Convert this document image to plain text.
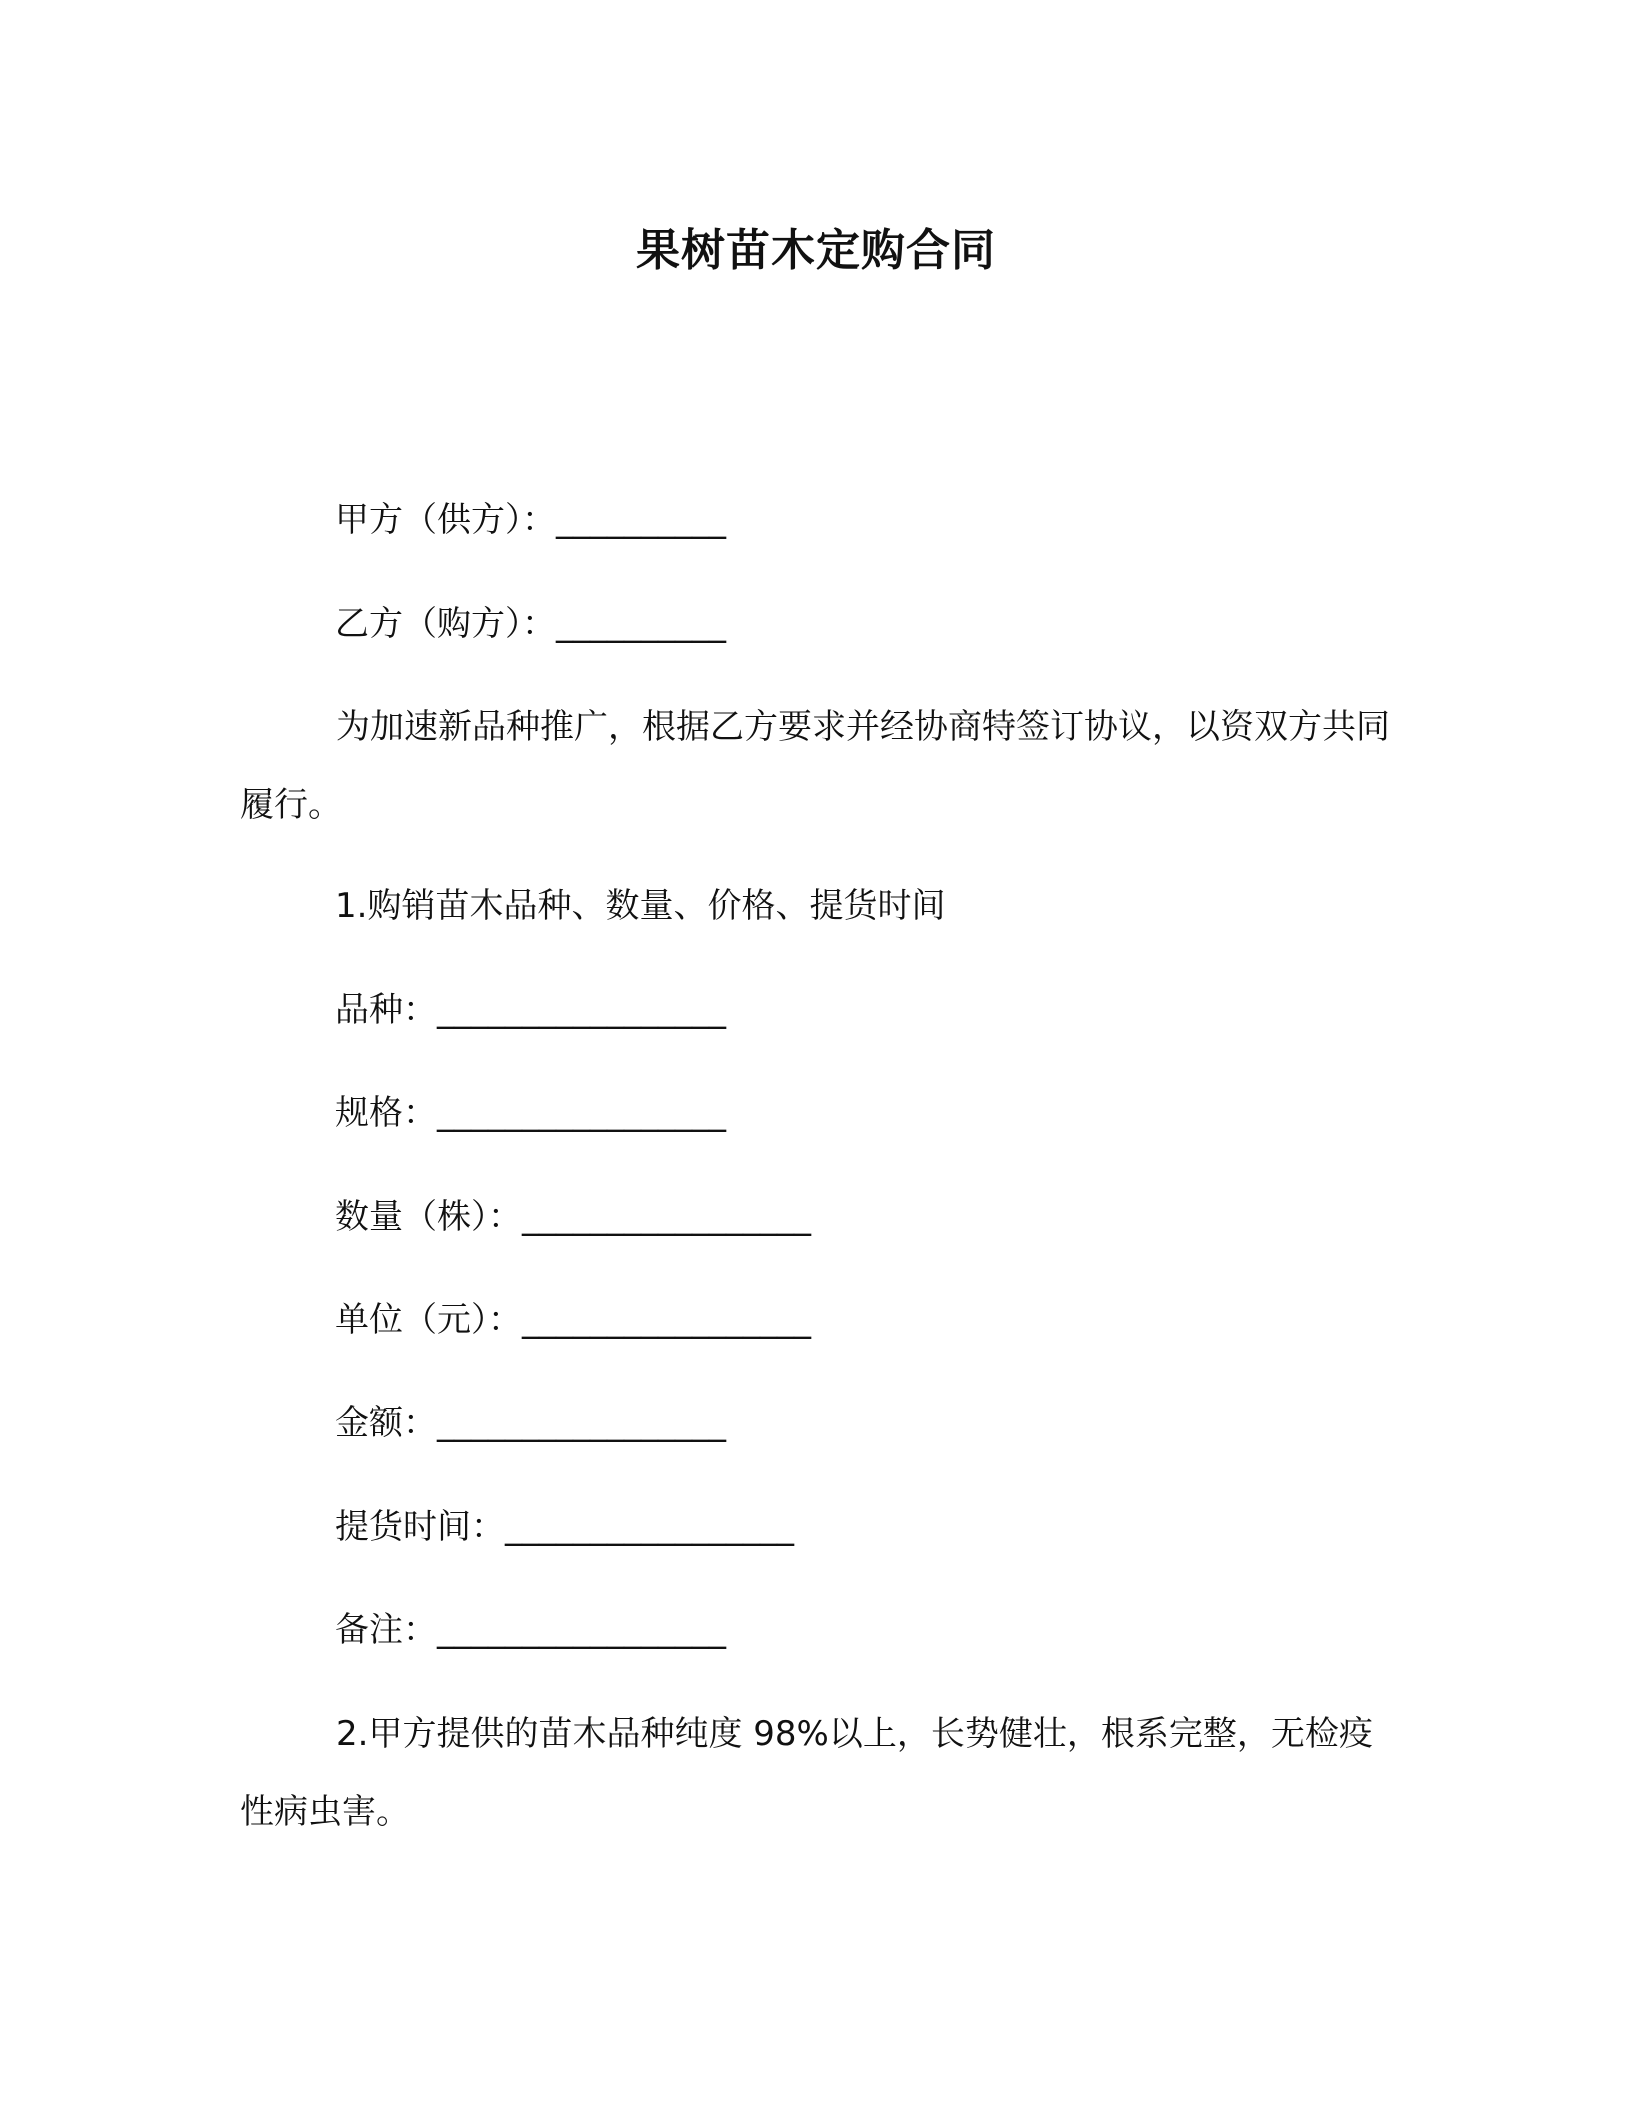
果树苗木定购合同
甲方（供方）：__________
乙方（购方）：__________
为加速新品种推广，根据乙方要求并经协商特签订协议，以资双方共同履行。
1.购销苗木品种、数量、价格、提货时间
品种：_________________
规格：_________________
数量（株）：_________________
单位（元）：_________________
金额：_________________
提货时间：_________________
备注：_________________
2.甲方提供的苗木品种纯度 98%以上，长势健壮，根系完整，无检疫性病虫害。
